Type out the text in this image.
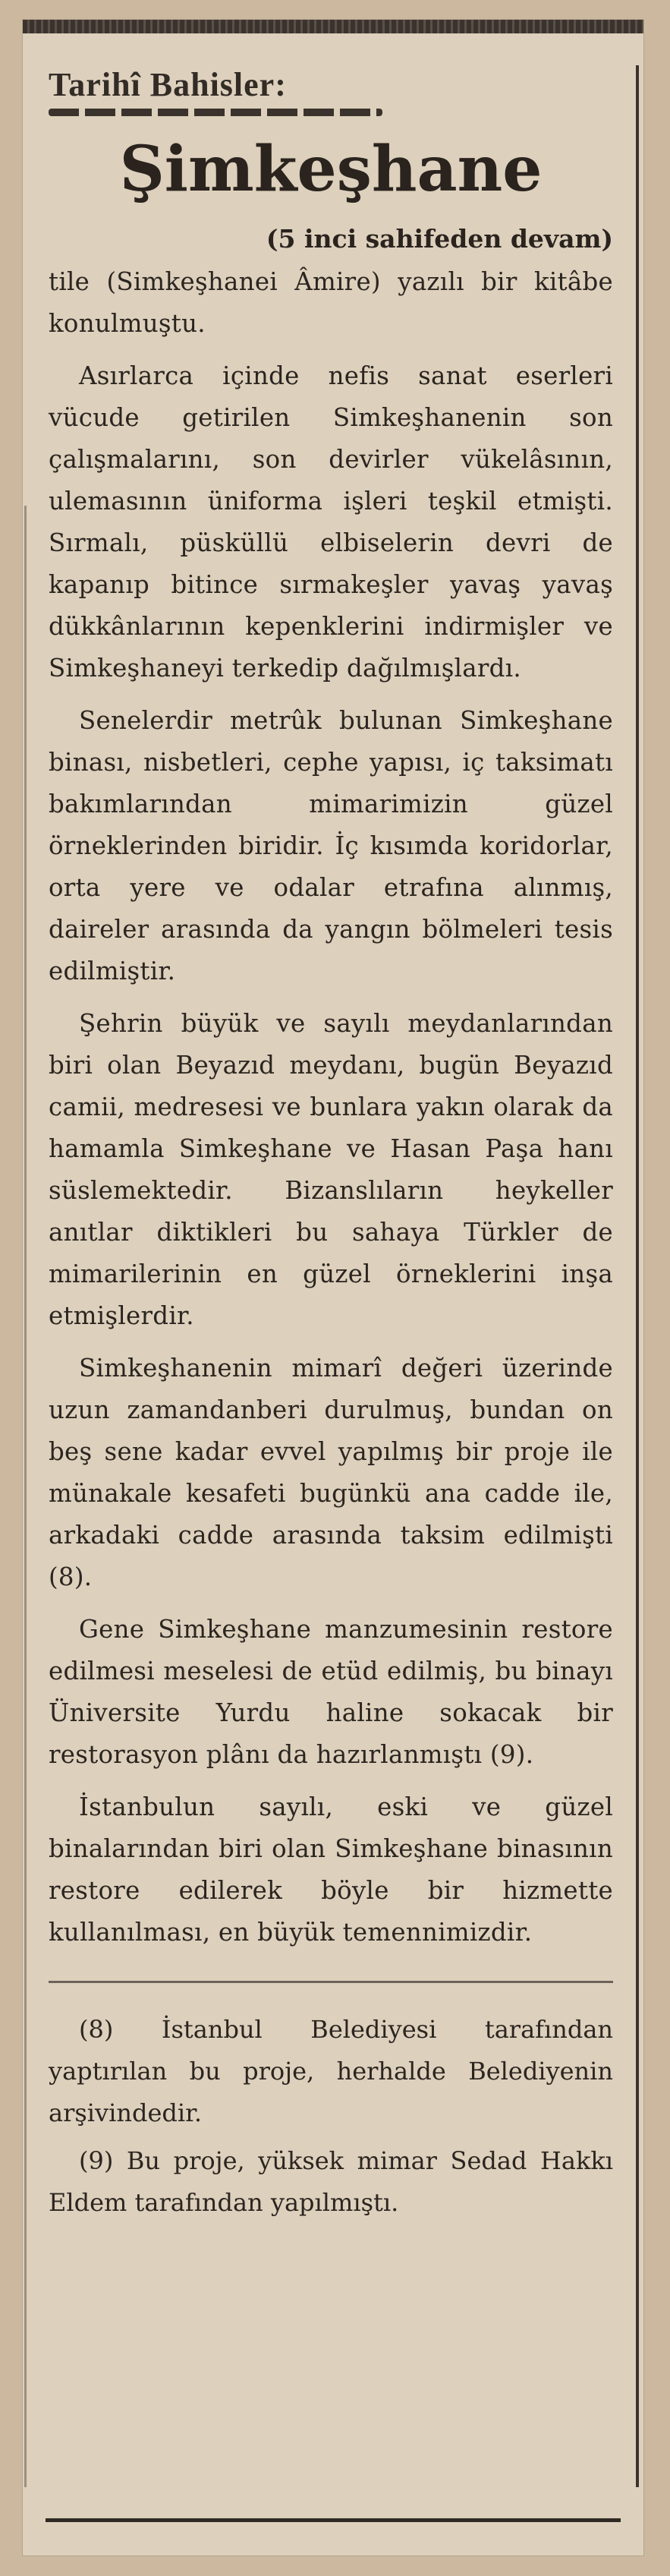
Tarihî Bahisler:
Şimkeşhane
(5 inci sahifeden devam)

tile (Simkeşhanei Âmire) yazılı bir kitâbe konulmuştu.

Asırlarca içinde nefis sanat eserleri vücude getirilen Simkeşhanenin son çalışmalarını, son devirler vükelâsının, ulemasının üniforma işleri teşkil etmişti. Sırmalı, püsküllü elbiselerin devri de kapanıp bitince sırmakeşler yavaş yavaş dükkânlarının kepenklerini indirmişler ve Simkeşhaneyi terkedip dağılmışlardı.

Senelerdir metrûk bulunan Simkeşhane binası, nisbetleri, cephe yapısı, iç taksimatı bakımlarından mimarimizin güzel örneklerinden biridir. İç kısımda koridorlar, orta yere ve odalar etrafına alınmış, daireler arasında da yangın bölmeleri tesis edilmiştir.

Şehrin büyük ve sayılı meydanlarından biri olan Beyazıd meydanı, bugün Beyazıd camii, medresesi ve bunlara yakın olarak da hamamla Simkeşhane ve Hasan Paşa hanı süslemektedir. Bizanslıların heykeller anıtlar diktikleri bu sahaya Türkler de mimarilerinin en güzel örneklerini inşa etmişlerdir.

Simkeşhanenin mimarî değeri üzerinde uzun zamandanberi durulmuş, bundan on beş sene kadar evvel yapılmış bir proje ile münakale kesafeti bugünkü ana cadde ile, arkadaki cadde arasında taksim edilmişti (8).

Gene Simkeşhane manzumesinin restore edilmesi meselesi de etüd edilmiş, bu binayı Üniversite Yurdu haline sokacak bir restorasyon plânı da hazırlanmıştı (9).

İstanbulun sayılı, eski ve güzel binalarından biri olan Simkeşhane binasının restore edilerek böyle bir hizmette kullanılması, en büyük temennimizdir.

(8) İstanbul Belediyesi tarafından yaptırılan bu proje, herhalde Belediyenin arşivindedir.

(9) Bu proje, yüksek mimar Sedad Hakkı Eldem tarafından yapılmıştı.
